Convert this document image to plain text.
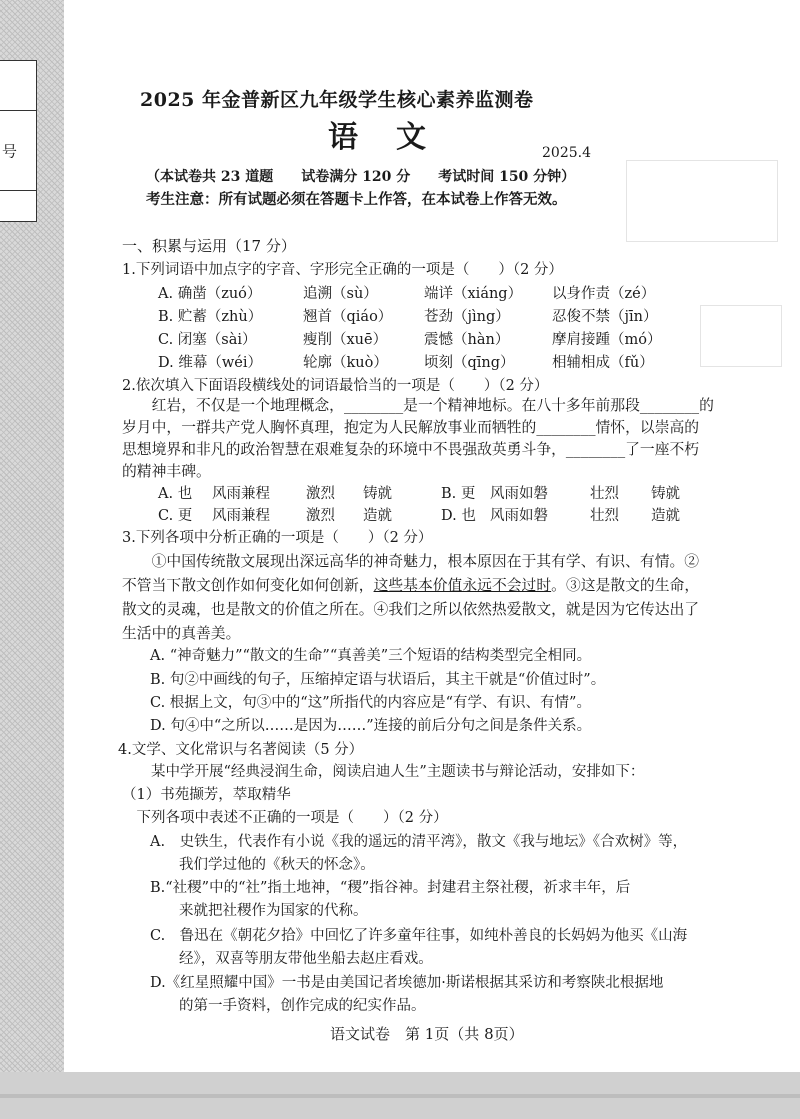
号
2025 年金普新区九年级学生核心素养监测卷
语文	2025.4
（本试卷共 23 道题　　试卷满分 120 分　　考试时间 150 分钟）
考生注意：所有试题必须在答题卡上作答，在本试卷上作答无效。
一、积累与运用（17 分）
1.下列词语中加点字的字音、字形完全正确的一项是（　　）（2 分）
A. 确凿（zuó）	追溯（sù）	端详（xiáng） 以身作责（zé）
B. 贮蓄（zhù）	翘首（qiáo） 苍劲（jìng）	忍俊不禁（jīn）
C. 闭塞（sài）	瘦削（xuē）	震憾（hàn）	摩肩接踵（mó）
D. 维幕（wéi）	轮廓（kuò） 顷刻（qīng）	相辅相成（fǔ）
2.依次填入下面语段横线处的词语最恰当的一项是（　　）（2 分）
　　红岩，不仅是一个地理概念，________是一个精神地标。在八十多年前那段________的
岁月中，一群共产党人胸怀真理，抱定为人民解放事业而牺牲的________情怀，以崇高的
思想境界和非凡的政治智慧在艰难复杂的环境中不畏强敌英勇斗争，________了一座不朽
的精神丰碑。
A. 也 风雨兼程 激烈 铸就	B. 更 风雨如磐	壮烈 铸就
C. 更 风雨兼程 激烈 造就	D. 也 风雨如磐	壮烈 造就
3.下列各项中分析正确的一项是（　　）（2 分）
　　①中国传统散文展现出深远高华的神奇魅力，根本原因在于其有学、有识、有情。②
不管当下散文创作如何变化如何创新，这些基本价值永远不会过时。③这是散文的生命，
散文的灵魂，也是散文的价值之所在。④我们之所以依然热爱散文，就是因为它传达出了
生活中的真善美。
A. “神奇魅力”“散文的生命”“真善美”三个短语的结构类型完全相同。
B. 句②中画线的句子，压缩掉定语与状语后，其主干就是“价值过时”。
C. 根据上文，句③中的“这”所指代的内容应是“有学、有识、有情”。
D. 句④中“之所以……是因为……”连接的前后分句之间是条件关系。
4.文学、文化常识与名著阅读（5 分）
　　某中学开展“经典浸润生命，阅读启迪人生”主题读书与辩论活动，安排如下：
（1）书苑撷芳，萃取精华
　下列各项中表述不正确的一项是（　　）（2 分）
A.　史铁生，代表作有小说《我的遥远的清平湾》，散文《我与地坛》《合欢树》等，
　　我们学过他的《秋天的怀念》。
B.“社稷”中的“社”指土地神，“稷”指谷神。封建君主祭社稷，祈求丰年，后
　　来就把社稷作为国家的代称。
C.　鲁迅在《朝花夕拾》中回忆了许多童年往事，如纯朴善良的长妈妈为他买《山海
　　经》，双喜等朋友带他坐船去赵庄看戏。
D.《红星照耀中国》一书是由美国记者埃德加·斯诺根据其采访和考察陕北根据地
　　的第一手资料，创作完成的纪实作品。
语文试卷　第 1页（共 8页）
